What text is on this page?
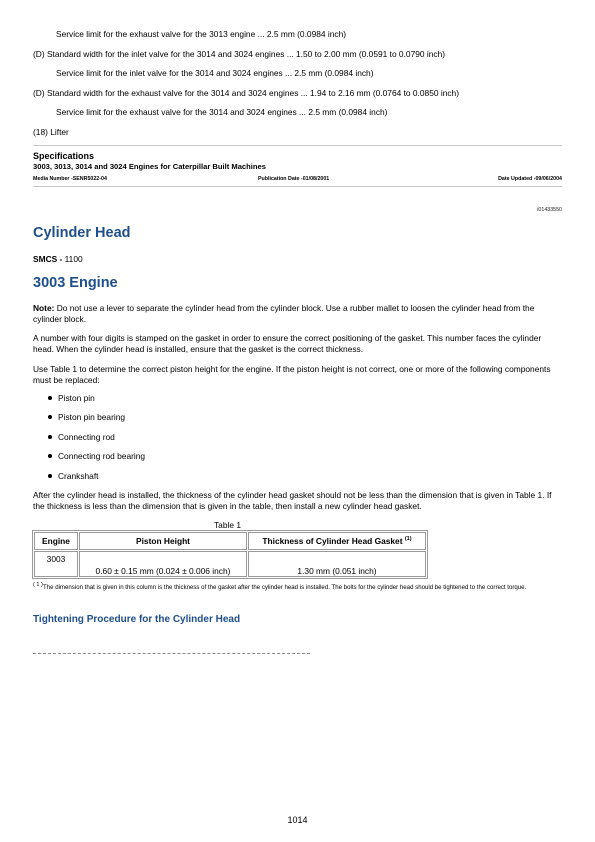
Service limit for the exhaust valve for the 3013 engine ... 2.5 mm (0.0984 inch)
(D) Standard width for the inlet valve for the 3014 and 3024 engines ... 1.50 to 2.00 mm (0.0591 to 0.0790 inch)
Service limit for the inlet valve for the 3014 and 3024 engines ... 2.5 mm (0.0984 inch)
(D) Standard width for the exhaust valve for the 3014 and 3024 engines ... 1.94 to 2.16 mm (0.0764 to 0.0850 inch)
Service limit for the exhaust valve for the 3014 and 3024 engines ... 2.5 mm (0.0984 inch)
(18) Lifter
Specifications
3003, 3013, 3014 and 3024 Engines for Caterpillar Built Machines
Media Number -SENR5022-04	Publication Date -01/08/2001	Date Updated -09/06/2004
i01433550
Cylinder Head
SMCS - 1100
3003 Engine
Note: Do not use a lever to separate the cylinder head from the cylinder block. Use a rubber mallet to loosen the cylinder head from the cylinder block.
A number with four digits is stamped on the gasket in order to ensure the correct positioning of the gasket. This number faces the cylinder head. When the cylinder head is installed, ensure that the gasket is the correct thickness.
Use Table 1 to determine the correct piston height for the engine. If the piston height is not correct, one or more of the following components must be replaced:
Piston pin
Piston pin bearing
Connecting rod
Connecting rod bearing
Crankshaft
After the cylinder head is installed, the thickness of the cylinder head gasket should not be less than the dimension that is given in Table 1. If the thickness is less than the dimension that is given in the table, then install a new cylinder head gasket.
Table 1
Engine	Piston Height	Thickness of Cylinder Head Gasket $^{(1)}$
3003	0.60 ± 0.15 mm (0.024 ± 0.006 inch)	1.30 mm (0.051 inch)
( 1 ) The dimension that is given in this column is the thickness of the gasket after the cylinder head is installed. The bolts for the cylinder head should be tightened to the correct torque.
Tightening Procedure for the Cylinder Head
1014
